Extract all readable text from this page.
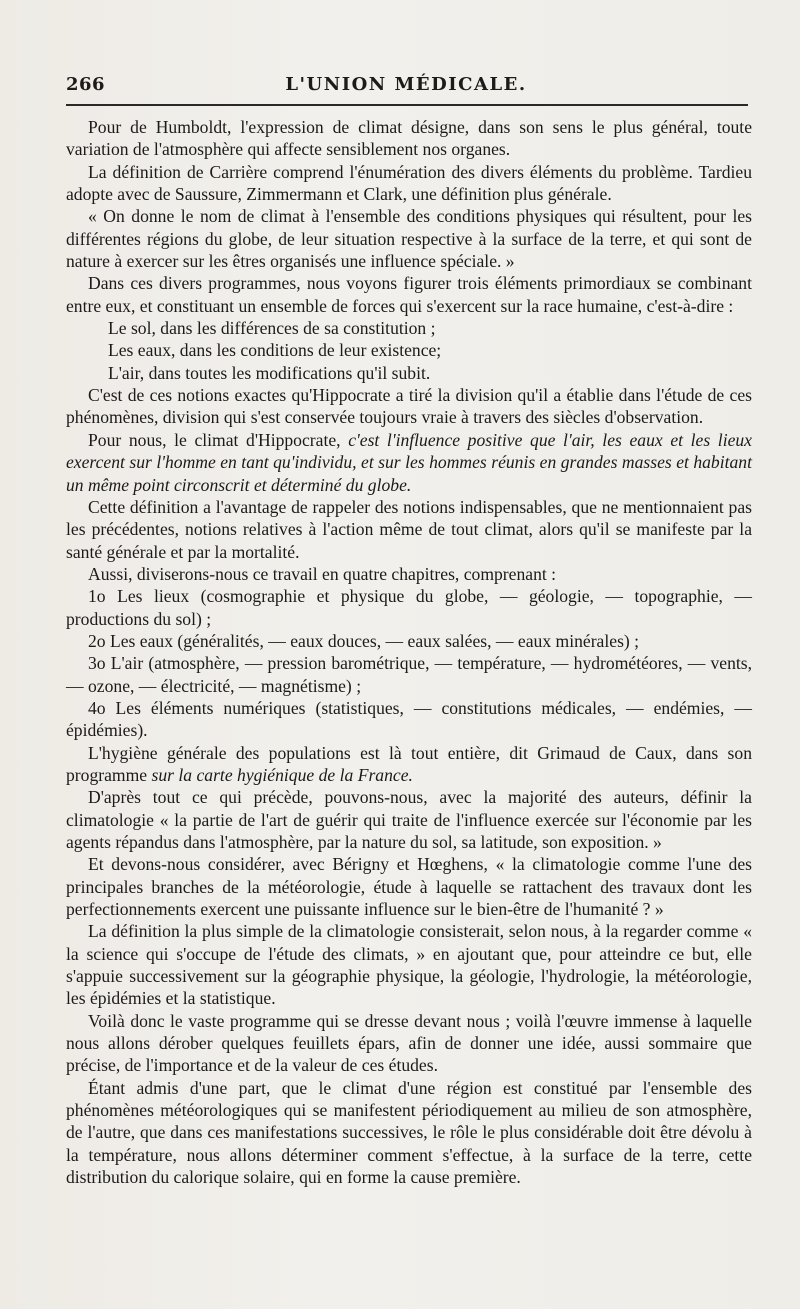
266	L'UNION MÉDICALE.

Pour de Humboldt, l'expression de climat désigne, dans son sens le plus général, toute variation de l'atmosphère qui affecte sensiblement nos organes.

La définition de Carrière comprend l'énumération des divers éléments du problème. Tardieu adopte avec de Saussure, Zimmermann et Clark, une définition plus générale.

« On donne le nom de climat à l'ensemble des conditions physiques qui résultent, pour les différentes régions du globe, de leur situation respective à la surface de la terre, et qui sont de nature à exercer sur les êtres organisés une influence spéciale. »

Dans ces divers programmes, nous voyons figurer trois éléments primordiaux se combinant entre eux, et constituant un ensemble de forces qui s'exercent sur la race humaine, c'est-à-dire :

Le sol, dans les différences de sa constitution ;

Les eaux, dans les conditions de leur existence;

L'air, dans toutes les modifications qu'il subit.

C'est de ces notions exactes qu'Hippocrate a tiré la division qu'il a établie dans l'étude de ces phénomènes, division qui s'est conservée toujours vraie à travers des siècles d'observation.

Pour nous, le climat d'Hippocrate, c'est l'influence positive que l'air, les eaux et les lieux exercent sur l'homme en tant qu'individu, et sur les hommes réunis en grandes masses et habitant un même point circonscrit et déterminé du globe.

Cette définition a l'avantage de rappeler des notions indispensables, que ne mentionnaient pas les précédentes, notions relatives à l'action même de tout climat, alors qu'il se manifeste par la santé générale et par la mortalité.

Aussi, diviserons-nous ce travail en quatre chapitres, comprenant :

1o Les lieux (cosmographie et physique du globe, — géologie, — topographie, — productions du sol) ;

2o Les eaux (généralités, — eaux douces, — eaux salées, — eaux minérales) ;

3o L'air (atmosphère, — pression barométrique, — température, — hydrométéores, — vents, — ozone, — électricité, — magnétisme) ;

4o Les éléments numériques (statistiques, — constitutions médicales, — endémies, — épidémies).

L'hygiène générale des populations est là tout entière, dit Grimaud de Caux, dans son programme sur la carte hygiénique de la France.

D'après tout ce qui précède, pouvons-nous, avec la majorité des auteurs, définir la climatologie « la partie de l'art de guérir qui traite de l'influence exercée sur l'économie par les agents répandus dans l'atmosphère, par la nature du sol, sa latitude, son exposition. »

Et devons-nous considérer, avec Bérigny et Hœghens, « la climatologie comme l'une des principales branches de la météorologie, étude à laquelle se rattachent des travaux dont les perfectionnements exercent une puissante influence sur le bien-être de l'humanité ? »

La définition la plus simple de la climatologie consisterait, selon nous, à la regarder comme « la science qui s'occupe de l'étude des climats, » en ajoutant que, pour atteindre ce but, elle s'appuie successivement sur la géographie physique, la géologie, l'hydrologie, la météorologie, les épidémies et la statistique.

Voilà donc le vaste programme qui se dresse devant nous ; voilà l'œuvre immense à laquelle nous allons dérober quelques feuillets épars, afin de donner une idée, aussi sommaire que précise, de l'importance et de la valeur de ces études.

Étant admis d'une part, que le climat d'une région est constitué par l'ensemble des phénomènes météorologiques qui se manifestent périodiquement au milieu de son atmosphère, de l'autre, que dans ces manifestations successives, le rôle le plus considérable doit être dévolu à la température, nous allons déterminer comment s'effectue, à la surface de la terre, cette distribution du calorique solaire, qui en forme la cause première.
